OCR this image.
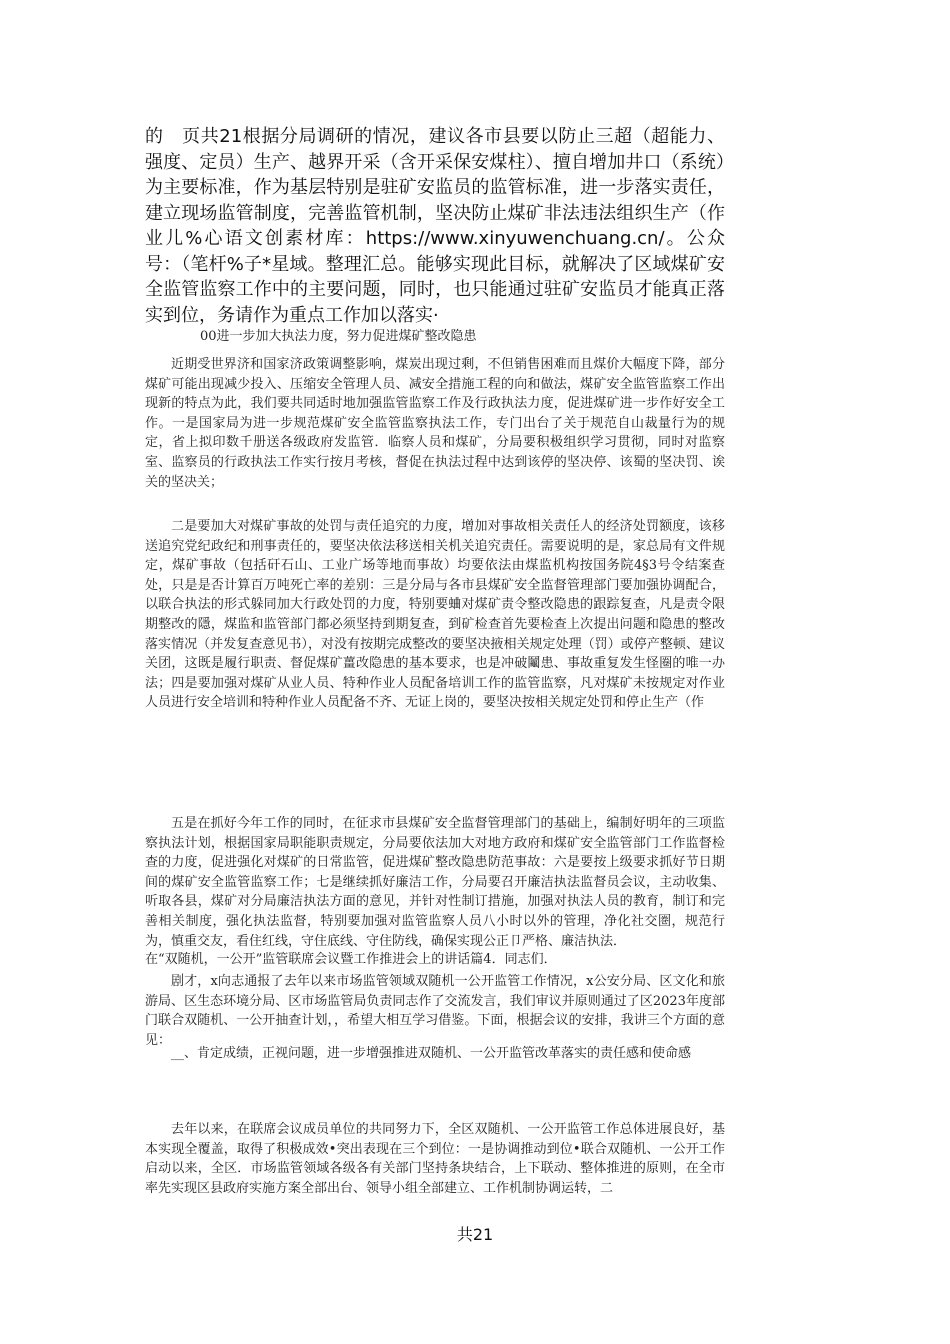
的　页共21根据分局调研的情况，建议各市县要以防止三超（超能力、强度、定员）生产、越界开采（含开采保安煤柱）、擅自增加井口（系统）为主要标准，作为基层特别是驻矿安监员的监管标准，进一步落实责任，建立现场监管制度，完善监管机制，坚决防止煤矿非法违法组织生产（作业儿%心语文创素材库：https://www.xinyuwenchuang.cn/。公众号：（笔杆%子*星域。整理汇总。能够实现此目标，就解决了区域煤矿安全监管监察工作中的主要问题，同时，也只能通过驻矿安监员才能真正落实到位，务请作为重点工作加以落实·

00进一步加大执法力度，努力促进煤矿整改隐患

近期受世界济和国家济政策调整影响，煤炭出现过剩，不但销售困难而且煤价大幅度下降，部分煤矿可能出现减少投入、压缩安全管理人员、减安全措施工程的向和做法，煤矿安全监管监察工作出现新的特点为此，我们要共同适时地加强监管监察工作及行政执法力度，促进煤矿进一步作好安全工作。一是国家局为进一步规范煤矿安全监管监察执法工作，专门出台了关于规范自山裁量行为的规定，省上拟印数千册送各级政府发监管．临察人员和煤矿，分局要积极组织学习贯彻，同时对监察室、监察员的行政执法工作实行按月考核，督促在执法过程中达到该停的坚决停、该蜀的坚决罚、诶关的坚决关；

二是要加大对煤矿事故的处罚与责任追究的力度，增加对事故相关责任人的经济处罚额度，该移送追究党纪政纪和刑事责任的，要坚决依法移送相关机关追究责任。需要说明的是，家总局有文件规定，煤矿事故（包括矸石山、工业广场等地而事故）均要依法由煤监机构按国务院4§3号令结案查处，只是是否计算百万吨死亡率的差别：三是分局与各市县煤矿安全监督管理部门要加强协调配合，以联合执法的形式躲同加大行政处罚的力度，特别要蛐对煤矿责令整改隐患的跟踪复查，凡是责令限期整改的隱，煤监和监管部门都必须坚持到期复查，到矿检查首先要检查上次提出问题和隐患的整改落实情况（并发复查意见书），对没有按期完成整改的要坚决掖相关规定处理（罚）或停产整顿、建议关团，这既是履行职责、督促煤矿薑改隐患的基本要求，也是冲破鬮患、事故重复发生怪圈的唯一办法；四是要加强对煤矿从业人员、特种作业人员配备培训工作的监管监察，凡对煤矿未按规定对作业人员进行安全培训和特种作业人员配备不齐、无证上岗的，要坚决按相关规定处罚和停止生产（作

五是在抓好今年工作的同时，在征求市县煤矿安全监督管理部门的基础上，编制好明年的三项监察执法计划，根据国家局职能职责规定，分局要依法加大对地方政府和煤矿安全监管部门工作监督检查的力度，促进强化对煤矿的日常监管，促进煤矿整改隐患防范事故：六是要按上级要求抓好节日期间的煤矿安全监管监察工作；七是继续抓好廉洁工作，分局要召开廉洁执法监督员会议，主动收集、听取各县，煤矿对分局廉洁执法方面的意见，并针对性制订措施，加强对执法人员的教育，制订和完善相关制度，强化执法监督，特别要加强对监管监察人员八小时以外的管理，净化社交圏，规范行为，慎重交友，看住红线，守住底线、守住防线，确保实现公正卩严格、廉洁执法．

在“双随机，一公开”监管联席会议暨工作推进会上的讲话篇4．同志们．

剧才，x向志通报了去年以来市场监管领域双随机一公开监管工作情况，x公安分局、区文化和旅游局、区生态环境分局、区市场监管局负责同志作了交流发言，我们审议并原则通过了区2023年度部门联合双随机、一公开抽查计划，，希望大相互学习借鉴。下面，根据会议的安排，我讲三个方面的意见：

__、肯定成绩，正视问题，进一步增强推进双随机、一公开监管改革落实的责任感和使命感

去年以来，在联席会议成员单位的共同努力下，全区双随机、一公开监管工作总体进展良好，基本实现全覆盖，取得了积极成效•突出表现在三个到位：一是协调推动到位•联合双随机、一公开工作启动以来，全区．市场监管领域各级各有关部门坚持条块结合，上下联动、整体推进的原则，在全市率先实现区县政府实施方案全部出台、领导小组全部建立、工作机制协调运转，二

共21
